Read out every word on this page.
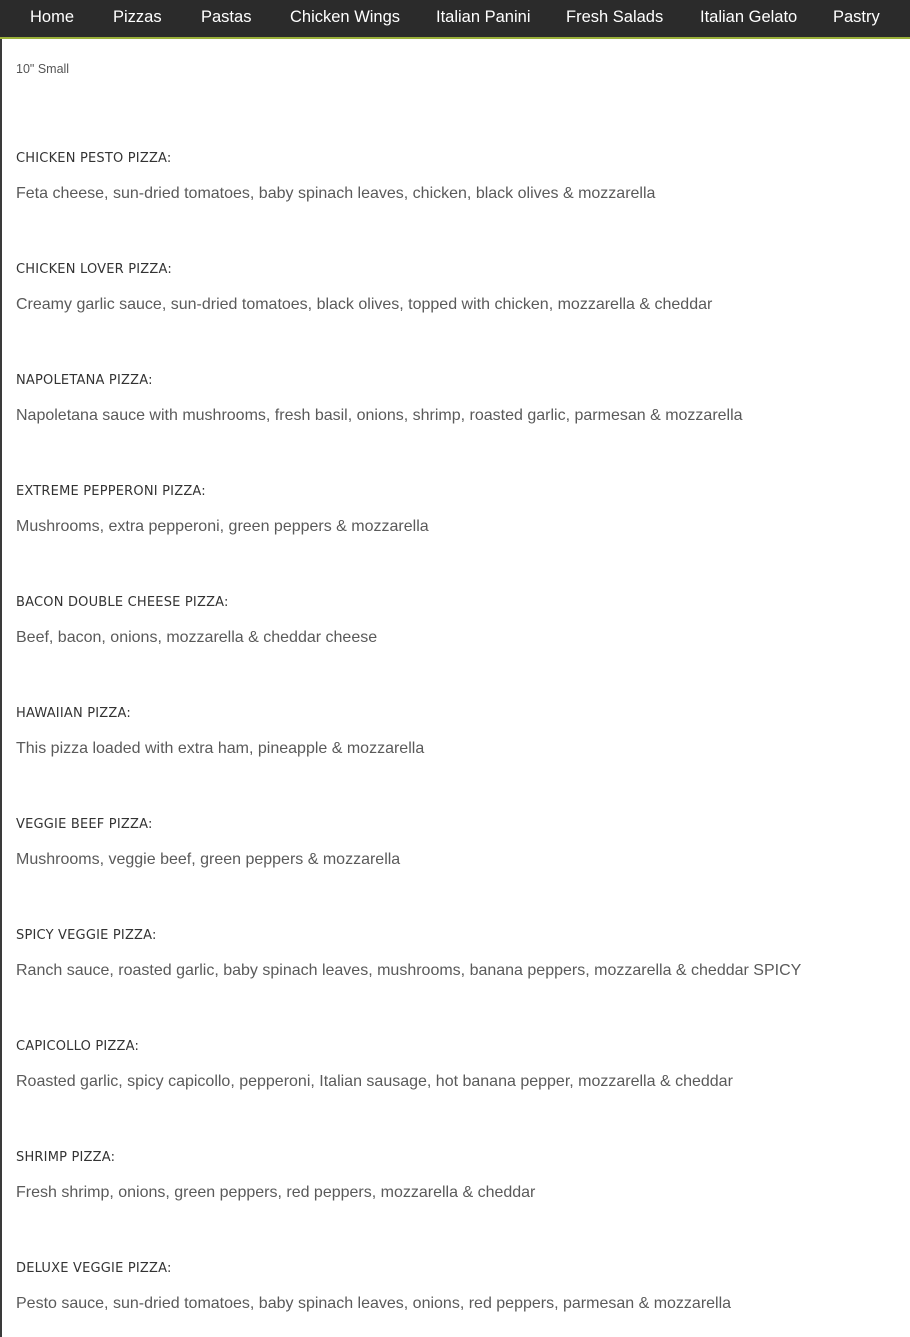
Home Pizzas Pastas Chicken Wings Italian Panini Fresh Salads Italian Gelato Pastry
10" Small
CHICKEN PESTO PIZZA:
Feta cheese, sun-dried tomatoes, baby spinach leaves, chicken, black olives & mozzarella
CHICKEN LOVER PIZZA:
Creamy garlic sauce, sun-dried tomatoes, black olives, topped with chicken, mozzarella & cheddar
NAPOLETANA PIZZA:
Napoletana sauce with mushrooms, fresh basil, onions, shrimp, roasted garlic, parmesan & mozzarella
EXTREME PEPPERONI PIZZA:
Mushrooms, extra pepperoni, green peppers & mozzarella
BACON DOUBLE CHEESE PIZZA:
Beef, bacon, onions, mozzarella & cheddar cheese
HAWAIIAN PIZZA:
This pizza loaded with extra ham, pineapple & mozzarella
VEGGIE BEEF PIZZA:
Mushrooms, veggie beef, green peppers & mozzarella
SPICY VEGGIE PIZZA:
Ranch sauce, roasted garlic, baby spinach leaves, mushrooms, banana peppers, mozzarella & cheddar SPICY
CAPICOLLO PIZZA:
Roasted garlic, spicy capicollo, pepperoni, Italian sausage, hot banana pepper, mozzarella & cheddar
SHRIMP PIZZA:
Fresh shrimp, onions, green peppers, red peppers, mozzarella & cheddar
DELUXE VEGGIE PIZZA:
Pesto sauce, sun-dried tomatoes, baby spinach leaves, onions, red peppers, parmesan & mozzarella
